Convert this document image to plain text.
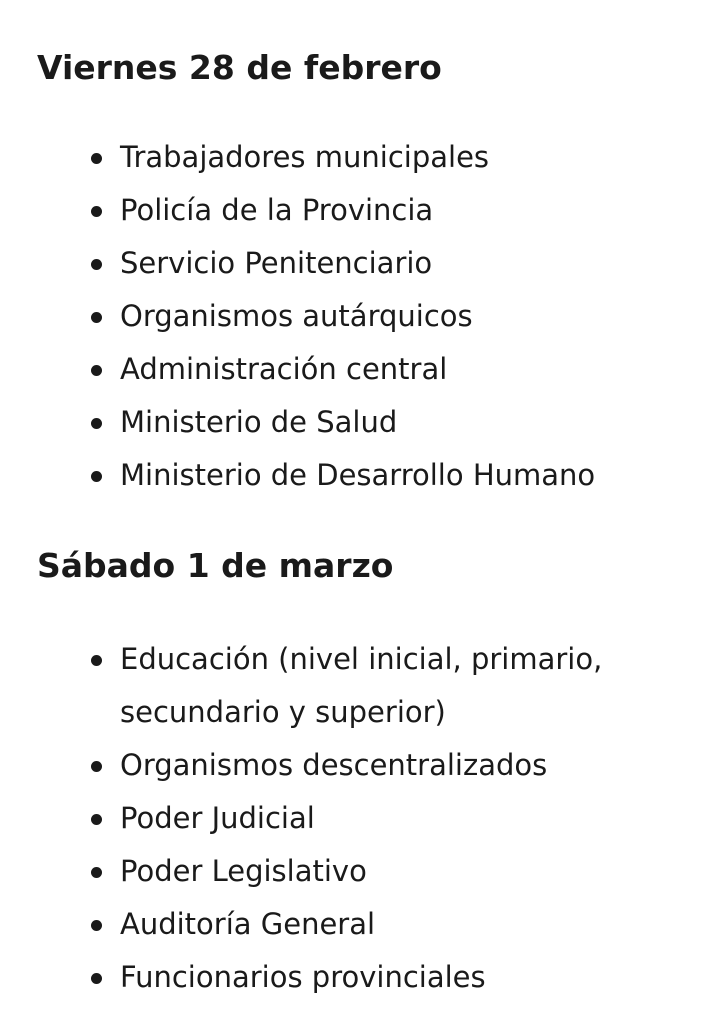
Viernes 28 de febrero
Trabajadores municipales
Policía de la Provincia
Servicio Penitenciario
Organismos autárquicos
Administración central
Ministerio de Salud
Ministerio de Desarrollo Humano
Sábado 1 de marzo
Educación (nivel inicial, primario, secundario y superior)
Organismos descentralizados
Poder Judicial
Poder Legislativo
Auditoría General
Funcionarios provinciales
